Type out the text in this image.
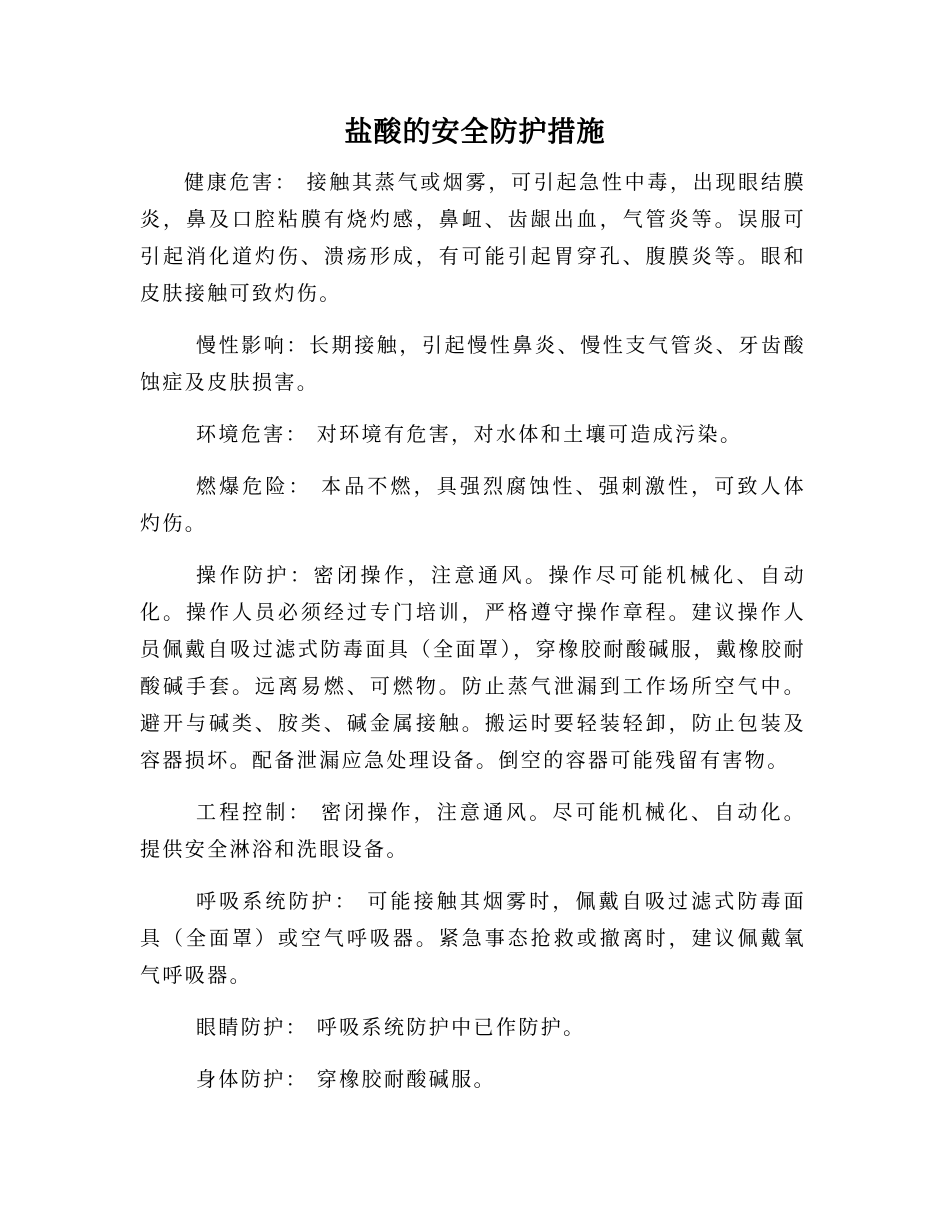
盐酸的安全防护措施

健康危害： 接触其蒸气或烟雾，可引起急性中毒，出现眼结膜炎，鼻及口腔粘膜有烧灼感，鼻衄、齿龈出血，气管炎等。误服可引起消化道灼伤、溃疡形成，有可能引起胃穿孔、腹膜炎等。眼和皮肤接触可致灼伤。

慢性影响：长期接触，引起慢性鼻炎、慢性支气管炎、牙齿酸蚀症及皮肤损害。

环境危害： 对环境有危害，对水体和土壤可造成污染。

燃爆危险： 本品不燃，具强烈腐蚀性、强刺激性，可致人体灼伤。

操作防护：密闭操作，注意通风。操作尽可能机械化、自动化。操作人员必须经过专门培训，严格遵守操作章程。建议操作人员佩戴自吸过滤式防毒面具（全面罩），穿橡胶耐酸碱服，戴橡胶耐酸碱手套。远离易燃、可燃物。防止蒸气泄漏到工作场所空气中。避开与碱类、胺类、碱金属接触。搬运时要轻装轻卸，防止包装及容器损坏。配备泄漏应急处理设备。倒空的容器可能残留有害物。

工程控制： 密闭操作，注意通风。尽可能机械化、自动化。提供安全淋浴和洗眼设备。

呼吸系统防护： 可能接触其烟雾时，佩戴自吸过滤式防毒面具（全面罩）或空气呼吸器。紧急事态抢救或撤离时，建议佩戴氧气呼吸器。

眼睛防护： 呼吸系统防护中已作防护。

身体防护： 穿橡胶耐酸碱服。
